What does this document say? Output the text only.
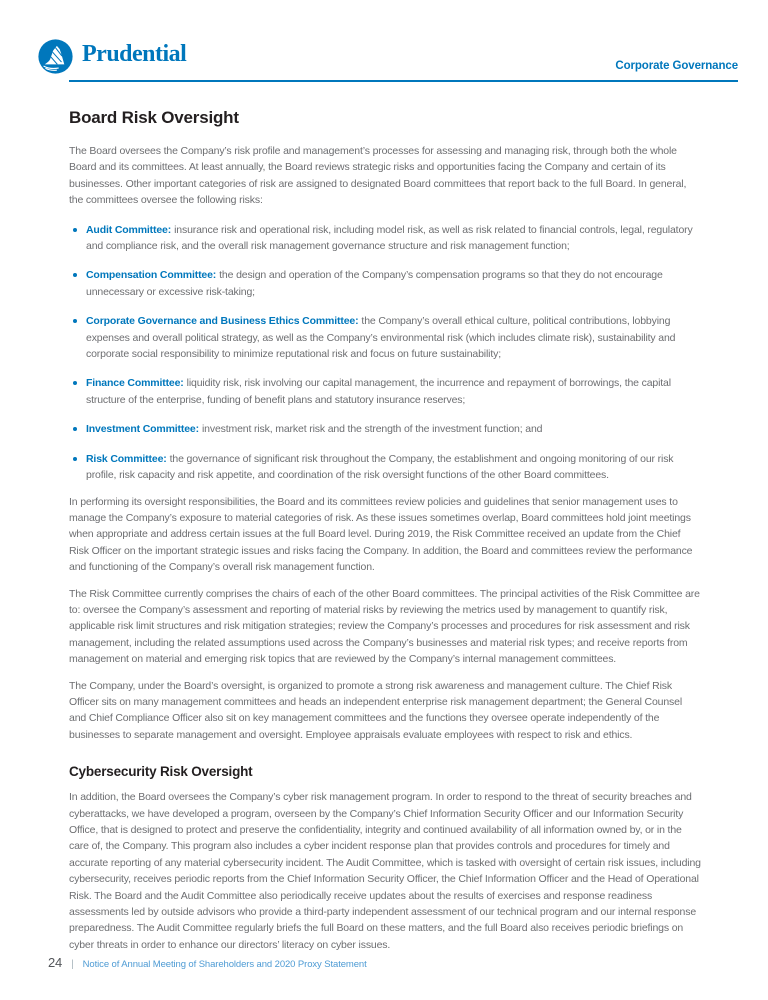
Prudential	Corporate Governance
Board Risk Oversight

The Board oversees the Company’s risk profile and management’s processes for assessing and managing risk, through both the whole Board and its committees. At least annually, the Board reviews strategic risks and opportunities facing the Company and certain of its businesses. Other important categories of risk are assigned to designated Board committees that report back to the full Board. In general, the committees oversee the following risks:

Audit Committee: insurance risk and operational risk, including model risk, as well as risk related to financial controls, legal, regulatory and compliance risk, and the overall risk management governance structure and risk management function;
Compensation Committee: the design and operation of the Company’s compensation programs so that they do not encourage unnecessary or excessive risk-taking;
Corporate Governance and Business Ethics Committee: the Company’s overall ethical culture, political contributions, lobbying expenses and overall political strategy, as well as the Company’s environmental risk (which includes climate risk), sustainability and corporate social responsibility to minimize reputational risk and focus on future sustainability;
Finance Committee: liquidity risk, risk involving our capital management, the incurrence and repayment of borrowings, the capital structure of the enterprise, funding of benefit plans and statutory insurance reserves;
Investment Committee: investment risk, market risk and the strength of the investment function; and
Risk Committee: the governance of significant risk throughout the Company, the establishment and ongoing monitoring of our risk profile, risk capacity and risk appetite, and coordination of the risk oversight functions of the other Board committees.

In performing its oversight responsibilities, the Board and its committees review policies and guidelines that senior management uses to manage the Company’s exposure to material categories of risk. As these issues sometimes overlap, Board committees hold joint meetings when appropriate and address certain issues at the full Board level. During 2019, the Risk Committee received an update from the Chief Risk Officer on the important strategic issues and risks facing the Company. In addition, the Board and committees review the performance and functioning of the Company’s overall risk management function.

The Risk Committee currently comprises the chairs of each of the other Board committees. The principal activities of the Risk Committee are to: oversee the Company’s assessment and reporting of material risks by reviewing the metrics used by management to quantify risk, applicable risk limit structures and risk mitigation strategies; review the Company’s processes and procedures for risk assessment and risk management, including the related assumptions used across the Company’s businesses and material risk types; and receive reports from management on material and emerging risk topics that are reviewed by the Company’s internal management committees.

The Company, under the Board’s oversight, is organized to promote a strong risk awareness and management culture. The Chief Risk Officer sits on many management committees and heads an independent enterprise risk management department; the General Counsel and Chief Compliance Officer also sit on key management committees and the functions they oversee operate independently of the businesses to separate management and oversight. Employee appraisals evaluate employees with respect to risk and ethics.

Cybersecurity Risk Oversight

In addition, the Board oversees the Company’s cyber risk management program. In order to respond to the threat of security breaches and cyberattacks, we have developed a program, overseen by the Company’s Chief Information Security Officer and our Information Security Office, that is designed to protect and preserve the confidentiality, integrity and continued availability of all information owned by, or in the care of, the Company. This program also includes a cyber incident response plan that provides controls and procedures for timely and accurate reporting of any material cybersecurity incident. The Audit Committee, which is tasked with oversight of certain risk issues, including cybersecurity, receives periodic reports from the Chief Information Security Officer, the Chief Information Officer and the Head of Operational Risk. The Board and the Audit Committee also periodically receive updates about the results of exercises and response readiness assessments led by outside advisors who provide a third-party independent assessment of our technical program and our internal response preparedness. The Audit Committee regularly briefs the full Board on these matters, and the full Board also receives periodic briefings on cyber threats in order to enhance our directors’ literacy on cyber issues.

24 | Notice of Annual Meeting of Shareholders and 2020 Proxy Statement
